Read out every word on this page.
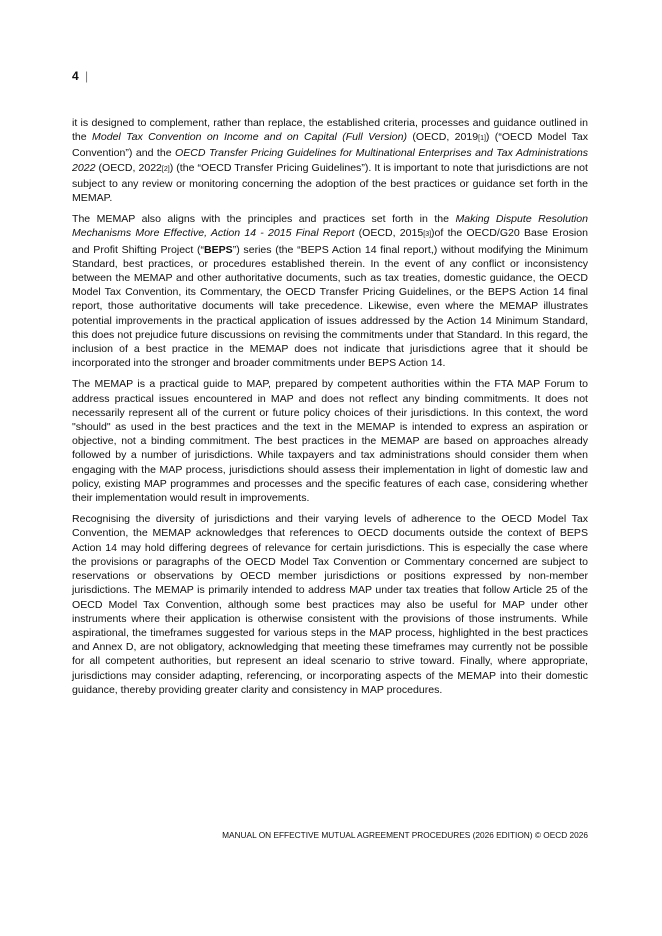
4 |

it is designed to complement, rather than replace, the established criteria, processes and guidance outlined in the Model Tax Convention on Income and on Capital (Full Version) (OECD, 2019[1]) (“OECD Model Tax Convention”) and the OECD Transfer Pricing Guidelines for Multinational Enterprises and Tax Administrations 2022 (OECD, 2022[2]) (the “OECD Transfer Pricing Guidelines”). It is important to note that jurisdictions are not subject to any review or monitoring concerning the adoption of the best practices or guidance set forth in the MEMAP.

The MEMAP also aligns with the principles and practices set forth in the Making Dispute Resolution Mechanisms More Effective, Action 14 - 2015 Final Report (OECD, 2015[3])of the OECD/G20 Base Erosion and Profit Shifting Project (“BEPS”) series (the “BEPS Action 14 final report,) without modifying the Minimum Standard, best practices, or procedures established therein. In the event of any conflict or inconsistency between the MEMAP and other authoritative documents, such as tax treaties, domestic guidance, the OECD Model Tax Convention, its Commentary, the OECD Transfer Pricing Guidelines, or the BEPS Action 14 final report, those authoritative documents will take precedence. Likewise, even where the MEMAP illustrates potential improvements in the practical application of issues addressed by the Action 14 Minimum Standard, this does not prejudice future discussions on revising the commitments under that Standard. In this regard, the inclusion of a best practice in the MEMAP does not indicate that jurisdictions agree that it should be incorporated into the stronger and broader commitments under BEPS Action 14.

The MEMAP is a practical guide to MAP, prepared by competent authorities within the FTA MAP Forum to address practical issues encountered in MAP and does not reflect any binding commitments. It does not necessarily represent all of the current or future policy choices of their jurisdictions. In this context, the word "should" as used in the best practices and the text in the MEMAP is intended to express an aspiration or objective, not a binding commitment. The best practices in the MEMAP are based on approaches already followed by a number of jurisdictions. While taxpayers and tax administrations should consider them when engaging with the MAP process, jurisdictions should assess their implementation in light of domestic law and policy, existing MAP programmes and processes and the specific features of each case, considering whether their implementation would result in improvements.

Recognising the diversity of jurisdictions and their varying levels of adherence to the OECD Model Tax Convention, the MEMAP acknowledges that references to OECD documents outside the context of BEPS Action 14 may hold differing degrees of relevance for certain jurisdictions. This is especially the case where the provisions or paragraphs of the OECD Model Tax Convention or Commentary concerned are subject to reservations or observations by OECD member jurisdictions or positions expressed by non-member jurisdictions. The MEMAP is primarily intended to address MAP under tax treaties that follow Article 25 of the OECD Model Tax Convention, although some best practices may also be useful for MAP under other instruments where their application is otherwise consistent with the provisions of those instruments. While aspirational, the timeframes suggested for various steps in the MAP process, highlighted in the best practices and Annex D, are not obligatory, acknowledging that meeting these timeframes may currently not be possible for all competent authorities, but represent an ideal scenario to strive toward. Finally, where appropriate, jurisdictions may consider adapting, referencing, or incorporating aspects of the MEMAP into their domestic guidance, thereby providing greater clarity and consistency in MAP procedures.

MANUAL ON EFFECTIVE MUTUAL AGREEMENT PROCEDURES (2026 EDITION) © OECD 2026
